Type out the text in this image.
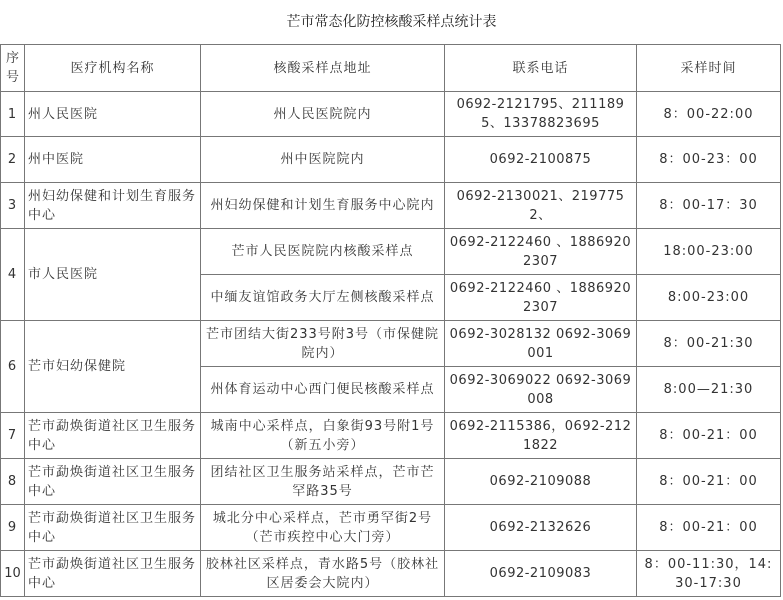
芒市常态化防控核酸采样点统计表
序号	医疗机构名称	核酸采样点地址	联系电话	采样时间
1	州人民医院	州人民医院院内	0692-2121795、2111895、13378823695	8：00-22:00
2	州中医院	州中医院院内	0692-2100875	8：00-23：00
3	州妇幼保健和计划生育服务中心	州妇幼保健和计划生育服务中心院内	0692-2130021、2197752、	8：00-17：30
4	市人民医院	芒市人民医院院内核酸采样点	0692-2122460 、18869202307	18:00-23:00
		中缅友谊馆政务大厅左侧核酸采样点	0692-2122460 、18869202307	8:00-23:00
6	芒市妇幼保健院	芒市团结大街233号附3号（市保健院院内）	0692-3028132 0692-3069001	8：00-21:30
		州体育运动中心西门便民核酸采样点	0692-3069022 0692-3069008	8:00—21:30
7	芒市勐焕街道社区卫生服务中心	城南中心采样点，白象街93号附1号（新五小旁）	0692-2115386，0692-2121822	8：00-21：00
8	芒市勐焕街道社区卫生服务中心	团结社区卫生服务站采样点，芒市芒罕路35号	0692-2109088	8：00-21：00
9	芒市勐焕街道社区卫生服务中心	城北分中心采样点，芒市勇罕街2号（芒市疾控中心大门旁）	0692-2132626	8：00-21：00
10	芒市勐焕街道社区卫生服务中心	胶林社区采样点，青水路5号（胶林社区居委会大院内）	0692-2109083	8：00-11:30，14:30-17:30
